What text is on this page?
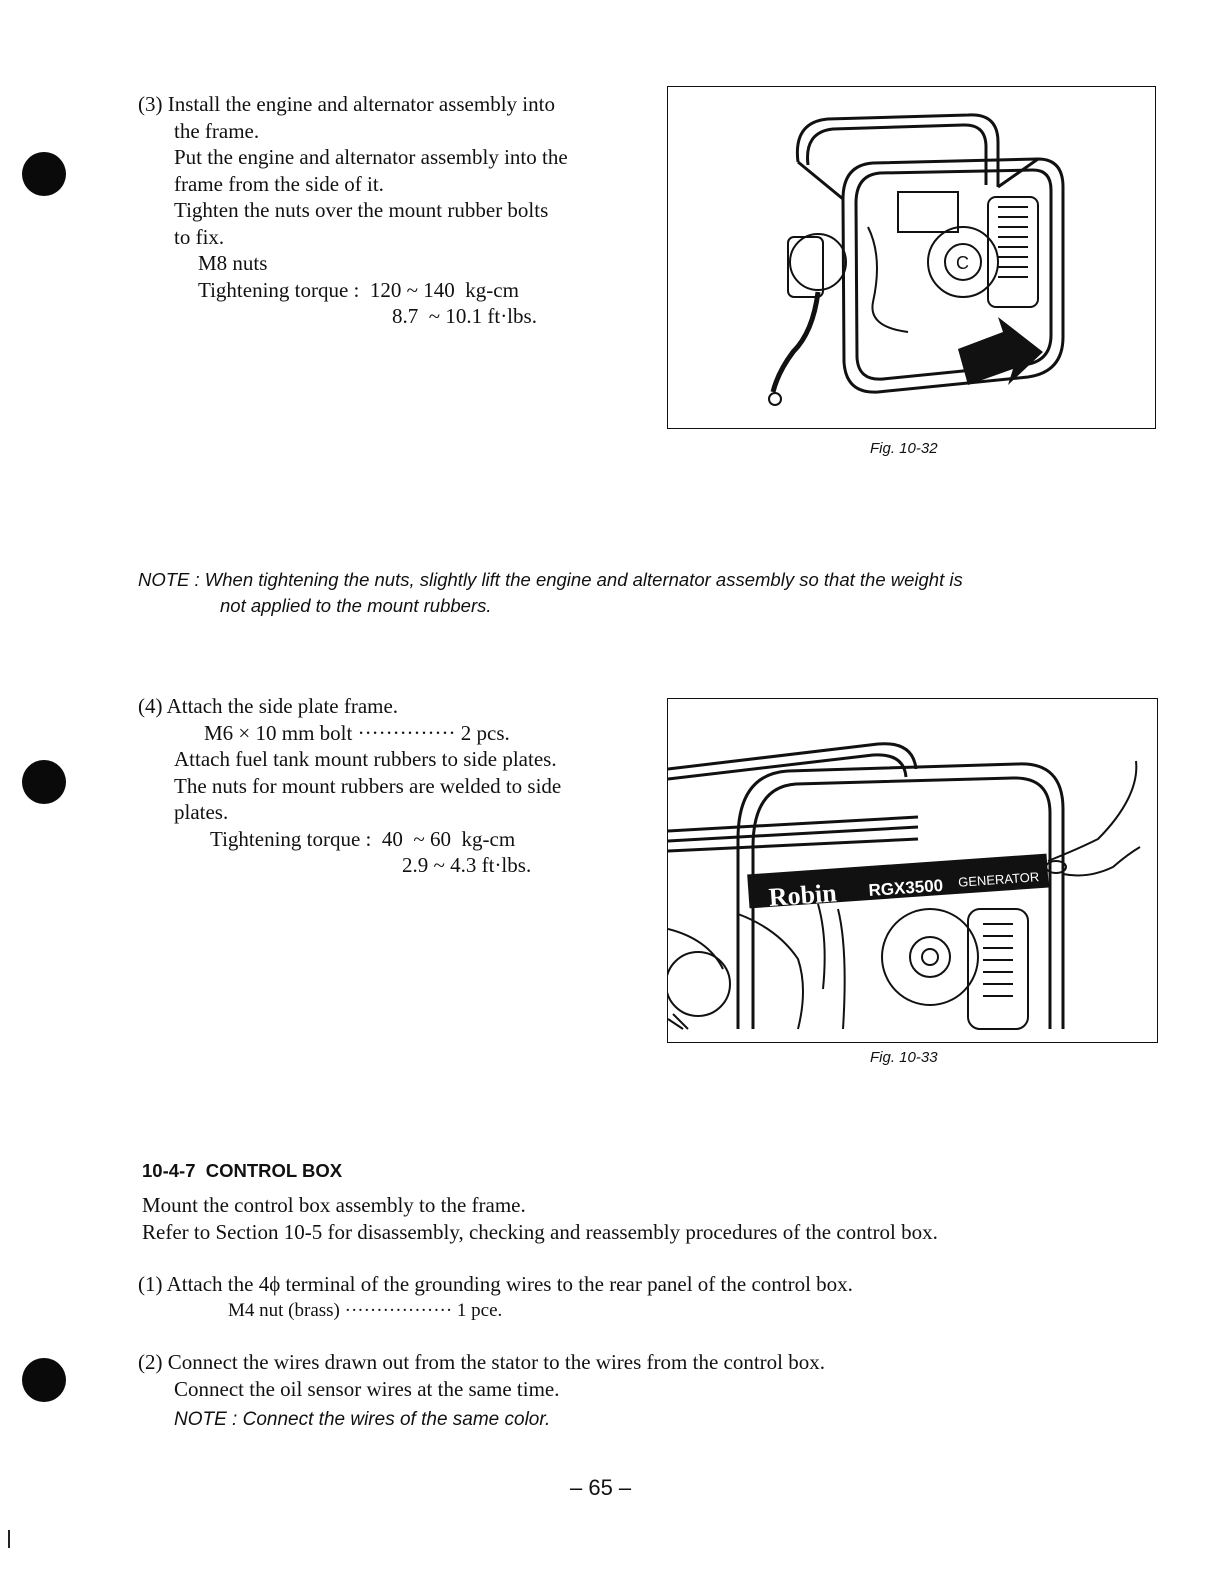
(3) Install the engine and alternator assembly into
the frame.
Put the engine and alternator assembly into the
frame from the side of it.
Tighten the nuts over the mount rubber bolts
to fix.
M8 nuts
Tightening torque :  120 ~ 140  kg-cm
8.7  ~ 10.1 ft·lbs.
C
Fig. 10-32
NOTE : When tightening the nuts, slightly lift the engine and alternator assembly so that the weight is
not applied to the mount rubbers.
(4) Attach the side plate frame.
M6 × 10 mm bolt ·············· 2 pcs.
Attach fuel tank mount rubbers to side plates.
The nuts for mount rubbers are welded to side
plates.
Tightening torque :  40  ~ 60  kg-cm
2.9 ~ 4.3 ft·lbs.
Robin RGX3500 GENERATOR
Fig. 10-33
10-4-7  CONTROL BOX
Mount the control box assembly to the frame.
Refer to Section 10-5 for disassembly, checking and reassembly procedures of the control box.
(1) Attach the 4ϕ terminal of the grounding wires to the rear panel of the control box.
M4 nut (brass) ················· 1 pce.
(2) Connect the wires drawn out from the stator to the wires from the control box.
Connect the oil sensor wires at the same time.
NOTE : Connect the wires of the same color.
– 65 –
